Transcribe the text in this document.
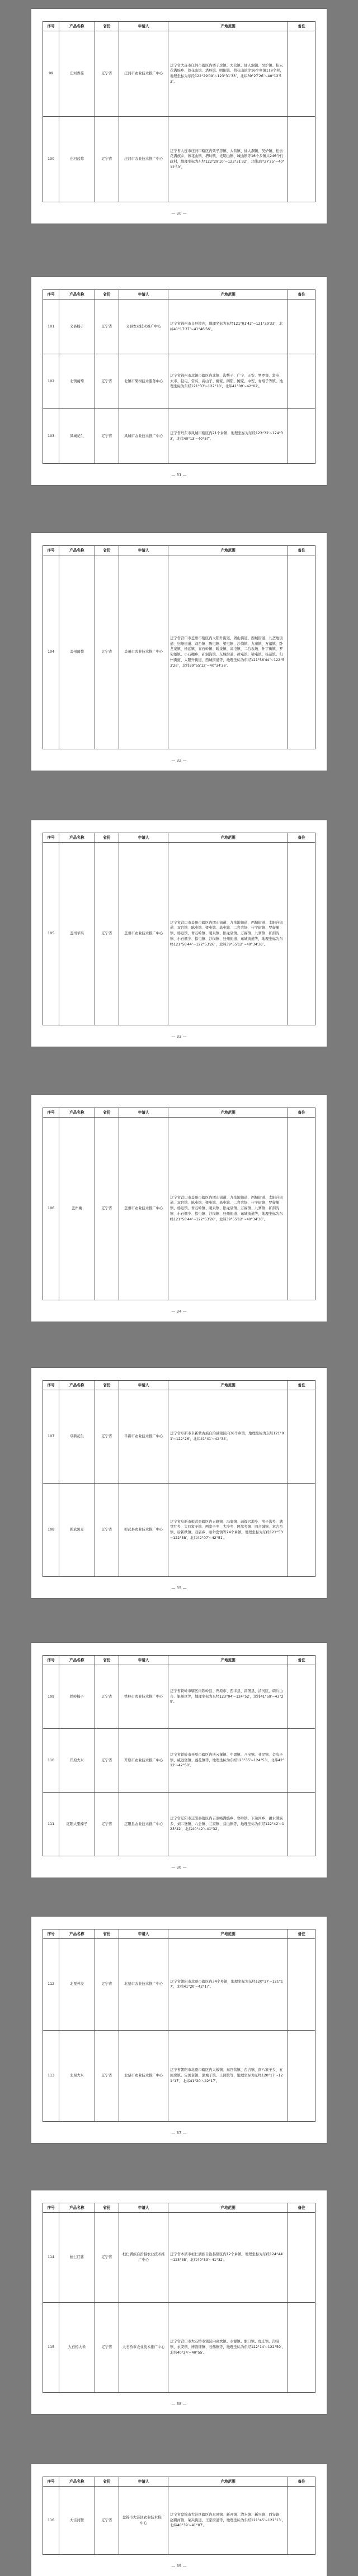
序号	产品名称	省份	申请人	产地范围	备注
99	庄河香菇	辽宁省	庄河市农业技术推广中心	辽宁省大连市庄河市辖区内栗子房镇、大营镇、仙人洞镇、吴炉镇、桂云花满族乡、蓉花山镇、塔岭镇、明阳镇、荷花山镇等16个乡镇119个村，地理坐标为东经122°29′09″~123°31′33″，北纬39°27′26″~40°12′53″。	
100	庄河蓝莓	辽宁省	庄河市农业技术推广中心	辽宁省大连市庄河市辖区内栗子房镇、大营镇、仙人洞镇、吴炉镇、桂云花满族乡、蓉花山镇、塔岭镇、光明山镇、城山镇等16个乡镇共246个行政村，地理坐标为东经122°29′10″~123°31′32″，北纬39°27′25″~40°12′50″。	
— 30 —
序号	产品名称	省份	申请人	产地范围	备注
101	义县榛子	辽宁省	义县农业技术推广中心	辽宁省锦州市义县境内，地理坐标为东经121°01′42″~121°39′33″，北纬41°17′37″~41°46′56″。	
102	北镇葡萄	辽宁省	北镇市果树技术服务中心	辽宁省锦州市北镇市辖区内北镇、沟帮子、广宁、正安、罗罗堡、富屯、大市、赵屯、常兴、高山子、柳家、闾阳、鲍家、中安、青堆子等镇，地理坐标为东经121°33′~122°10′，北纬41°09′~42°02′。	
103	凤城花生	辽宁省	凤城市农业技术推广中心	辽宁省丹东市凤城市辖区内21个乡镇，地理坐标为东经123°32′~124°33′，北纬40°13′~40°57′。	
— 31 —
序号	产品名称	省份	申请人	产地范围	备注
104	盖州葡萄	辽宁省	盖州市农业技术推广中心	辽宁省营口市盖州市辖区内太阳升街道、团山街道、西城街道、九垄地街道、归州街道、双台镇、陈屯镇、梁屯镇、沙岗镇、九寨镇、万福镇、卧龙泉镇、杨运镇、青石岭镇、暖泉镇、高屯镇、二台农场、什字街镇、罗甸堡镇、小石棚乡、矿洞沟镇、东城街道、徐屯镇、梁屯镇、杨运镇、归州街道、太阳升街道、西城街道等，地理坐标为东经121°56′44″~122°53′26″，北纬39°55′12″~40°34′36″。	
— 32 —
序号	产品名称	省份	申请人	产地范围	备注
105	盖州苹果	辽宁省	盖州市农业技术推广中心	辽宁省营口市盖州市辖区内团山街道、九垄地街道、西城街道、太阳升街道、双台镇、陈屯镇、梁屯镇、高屯镇、二台农场、什字街镇、罗甸堡镇、杨运镇、青石岭镇、暖泉镇、卧龙泉镇、万福镇、九寨镇、矿洞沟镇、小石棚乡、徐屯镇、沙岗镇、归州街道、东城街道等，地理坐标为东经121°56′44″~122°53′26″，北纬39°55′12″~40°34′36″。	
— 33 —
序号	产品名称	省份	申请人	产地范围	备注
106	盖州桃	辽宁省	盖州市农业技术推广中心	辽宁省营口市盖州市辖区内团山街道、九垄地街道、西城街道、太阳升街道、双台镇、陈屯镇、梁屯镇、高屯镇、二台农场、什字街镇、罗甸堡镇、杨运镇、青石岭镇、暖泉镇、卧龙泉镇、万福镇、九寨镇、矿洞沟镇、小石棚乡、徐屯镇、沙岗镇、归州街道、东城街道等，地理坐标为东经121°56′44″~122°53′26″，北纬39°55′12″~40°34′36″。	
— 34 —
序号	产品名称	省份	申请人	产地范围	备注
107	阜新花生	辽宁省	阜新市农业技术推广中心	辽宁省阜新市阜新蒙古族自治县辖区内36个乡镇，地理坐标为东经121°01′~122°26′，北纬41°41′~42°34′。	
108	彰武黑豆	辽宁省	彰武县农业技术推广中心	辽宁省阜新市彰武县辖区内五峰镇、冯家镇、前福兴地乡、苇子沟乡、满堂红乡、大四家子镇、两家子乡、大冷乡、阿尔乡镇、四合城镇、章古台镇、后新秋镇、双庙乡、哈尔套镇等24个乡镇，地理坐标为东经121°53′~122°58′，北纬42°07′~42°51′。	
— 35 —
序号	产品名称	省份	申请人	产地范围	备注
109	铁岭榛子	辽宁省	铁岭市农业技术推广中心	辽宁省铁岭市辖区内铁岭县、开原市、西丰县、昌图县、清河区、调兵山市、银州区等，地理坐标为东经123°04′~124°52′，北纬41°59′~43°29′。	
110	开原大米	辽宁省	开原市农业技术推广中心	辽宁省铁岭市开原市辖区内庆云堡镇、中固镇、八宝镇、业民镇、金沟子镇、威远堡镇、莲花镇等，地理坐标为东经123°35′~124°53′，北纬42°12′~42°50′。	
111	辽阳大果榛子	辽宁省	辽阳县农业技术推广中心	辽宁省辽阳市辽阳县辖区内吉洞峪满族乡、寒岭镇、下达河乡、甜水满族乡、刘二堡镇、八会镇、兰家镇、首山镇等，地理坐标为东经122°42′~123°42′，北纬40°42′~41°32′。	
— 36 —
序号	产品名称	省份	申请人	产地范围	备注
112	北票荞麦	辽宁省	北票市农业技术推广中心	辽宁省朝阳市北票市辖区内34个乡镇，地理坐标为东经120°17′~121°17′，北纬41°20′~42°17′。	
113	北票大米	辽宁省	北票市农业技术推广中心	辽宁省朝阳市北票市辖区内大板镇、东官营镇、台吉镇、南八家子乡、五间房镇、宝国老镇、黑城子镇、上园镇等，地理坐标为东经120°17′~121°17′，北纬41°20′~42°17′。	
— 37 —
序号	产品名称	省份	申请人	产地范围	备注
114	桓仁红薯	辽宁省	桓仁满族自治县农业技术推广中心	辽宁省本溪市桓仁满族自治县辖区内12个乡镇，地理坐标为东经124°44′~125°35′，北纬40°53′~41°32′。	
115	大石桥大米	辽宁省	大石桥市农业技术推广中心	辽宁省营口市大石桥市辖区内高坎镇、水源镇、旗口镇、虎庄镇、沟沿镇、永安镇、博洛铺镇、石佛镇等，地理坐标为东经122°14′~122°59′，北纬40°24′~40°55′。	
— 38 —
序号	产品名称	省份	申请人	产地范围	备注
116	大洼河蟹	辽宁省	盘锦市大洼区农业技术推广中心	辽宁省盘锦市大洼区辖区内东风镇、新开镇、清水镇、新兴镇、西安镇、赵圈河镇、荣兴街道、王家街道等，地理坐标为东经121°45′~122°13′，北纬40°39′~41°07′。	
— 39 —
